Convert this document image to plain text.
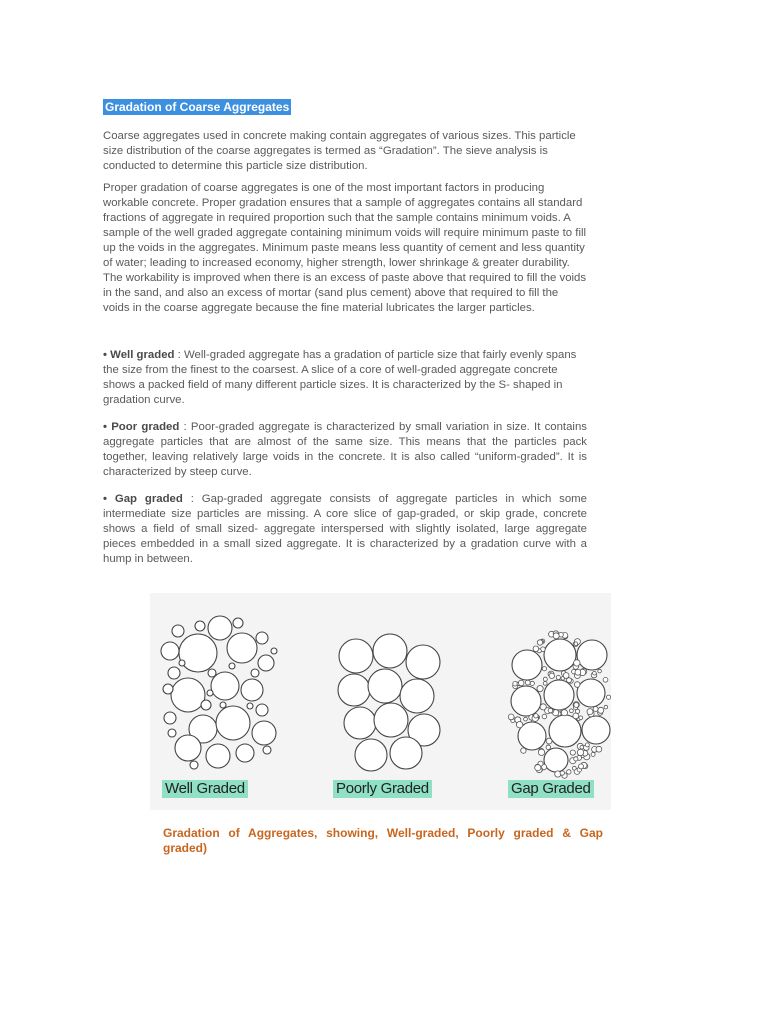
Gradation of Coarse Aggregates

Coarse aggregates used in concrete making contain aggregates of various sizes. This particle size distribution of the coarse aggregates is termed as “Gradation”. The sieve analysis is conducted to determine this particle size distribution.

Proper gradation of coarse aggregates is one of the most important factors in producing workable concrete. Proper gradation ensures that a sample of aggregates contains all standard fractions of aggregate in required proportion such that the sample contains minimum voids. A sample of the well graded aggregate containing minimum voids will require minimum paste to fill up the voids in the aggregates. Minimum paste means less quantity of cement and less quantity of water; leading to increased economy, higher strength, lower shrinkage & greater durability. The workability is improved when there is an excess of paste above that required to fill the voids in the sand, and also an excess of mortar (sand plus cement) above that required to fill the voids in the coarse aggregate because the fine material lubricates the larger particles.

• Well graded : Well-graded aggregate has a gradation of particle size that fairly evenly spans the size from the finest to the coarsest. A slice of a core of well-graded aggregate concrete shows a packed field of many different particle sizes. It is characterized by the S- shaped in gradation curve.

• Poor graded : Poor-graded aggregate is characterized by small variation in size. It contains aggregate particles that are almost of the same size. This means that the particles pack together, leaving relatively large voids in the concrete. It is also called “uniform-graded”. It is characterized by steep curve.

• Gap graded : Gap-graded aggregate consists of aggregate particles in which some intermediate size particles are missing. A core slice of gap-graded, or skip grade, concrete shows a field of small sized- aggregate interspersed with slightly isolated, large aggregate pieces embedded in a small sized aggregate. It is characterized by a gradation curve with a hump in between.

Well Graded	Poorly Graded	Gap Graded

Gradation of Aggregates, showing, Well-graded, Poorly graded & Gap graded)
